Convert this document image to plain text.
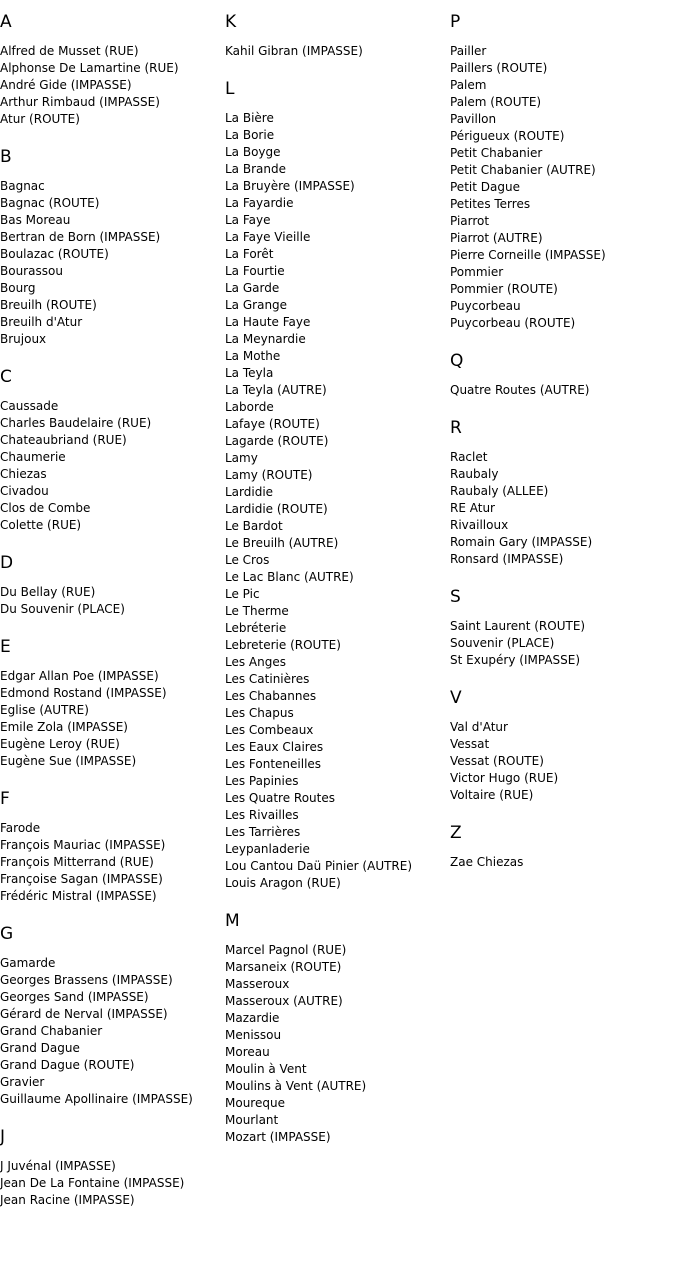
A
Alfred de Musset (RUE)
Alphonse De Lamartine (RUE)
André Gide (IMPASSE)
Arthur Rimbaud (IMPASSE)
Atur (ROUTE)
B
Bagnac
Bagnac (ROUTE)
Bas Moreau
Bertran de Born (IMPASSE)
Boulazac (ROUTE)
Bourassou
Bourg
Breuilh (ROUTE)
Breuilh d'Atur
Brujoux
C
Caussade
Charles Baudelaire (RUE)
Chateaubriand (RUE)
Chaumerie
Chiezas
Civadou
Clos de Combe
Colette (RUE)
D
Du Bellay (RUE)
Du Souvenir (PLACE)
E
Edgar Allan Poe (IMPASSE)
Edmond Rostand (IMPASSE)
Eglise (AUTRE)
Emile Zola (IMPASSE)
Eugène Leroy (RUE)
Eugène Sue (IMPASSE)
F
Farode
François Mauriac (IMPASSE)
François Mitterrand (RUE)
Françoise Sagan (IMPASSE)
Frédéric Mistral (IMPASSE)
G
Gamarde
Georges Brassens (IMPASSE)
Georges Sand (IMPASSE)
Gérard de Nerval (IMPASSE)
Grand Chabanier
Grand Dague
Grand Dague (ROUTE)
Gravier
Guillaume Apollinaire (IMPASSE)
J
J Juvénal (IMPASSE)
Jean De La Fontaine (IMPASSE)
Jean Racine (IMPASSE)
K
Kahil Gibran (IMPASSE)
L
La Bière
La Borie
La Boyge
La Brande
La Bruyère (IMPASSE)
La Fayardie
La Faye
La Faye Vieille
La Forêt
La Fourtie
La Garde
La Grange
La Haute Faye
La Meynardie
La Mothe
La Teyla
La Teyla (AUTRE)
Laborde
Lafaye (ROUTE)
Lagarde (ROUTE)
Lamy
Lamy (ROUTE)
Lardidie
Lardidie (ROUTE)
Le Bardot
Le Breuilh (AUTRE)
Le Cros
Le Lac Blanc (AUTRE)
Le Pic
Le Therme
Lebréterie
Lebreterie (ROUTE)
Les Anges
Les Catinières
Les Chabannes
Les Chapus
Les Combeaux
Les Eaux Claires
Les Fonteneilles
Les Papinies
Les Quatre Routes
Les Rivailles
Les Tarrières
Leypanladerie
Lou Cantou Daü Pinier (AUTRE)
Louis Aragon (RUE)
M
Marcel Pagnol (RUE)
Marsaneix (ROUTE)
Masseroux
Masseroux (AUTRE)
Mazardie
Menissou
Moreau
Moulin à Vent
Moulins à Vent (AUTRE)
Moureque
Mourlant
Mozart (IMPASSE)
P
Pailler
Paillers (ROUTE)
Palem
Palem (ROUTE)
Pavillon
Périgueux (ROUTE)
Petit Chabanier
Petit Chabanier (AUTRE)
Petit Dague
Petites Terres
Piarrot
Piarrot (AUTRE)
Pierre Corneille (IMPASSE)
Pommier
Pommier (ROUTE)
Puycorbeau
Puycorbeau (ROUTE)
Q
Quatre Routes (AUTRE)
R
Raclet
Raubaly
Raubaly (ALLEE)
RE Atur
Rivailloux
Romain Gary (IMPASSE)
Ronsard (IMPASSE)
S
Saint Laurent (ROUTE)
Souvenir (PLACE)
St Exupéry (IMPASSE)
V
Val d'Atur
Vessat
Vessat (ROUTE)
Victor Hugo (RUE)
Voltaire (RUE)
Z
Zae Chiezas
